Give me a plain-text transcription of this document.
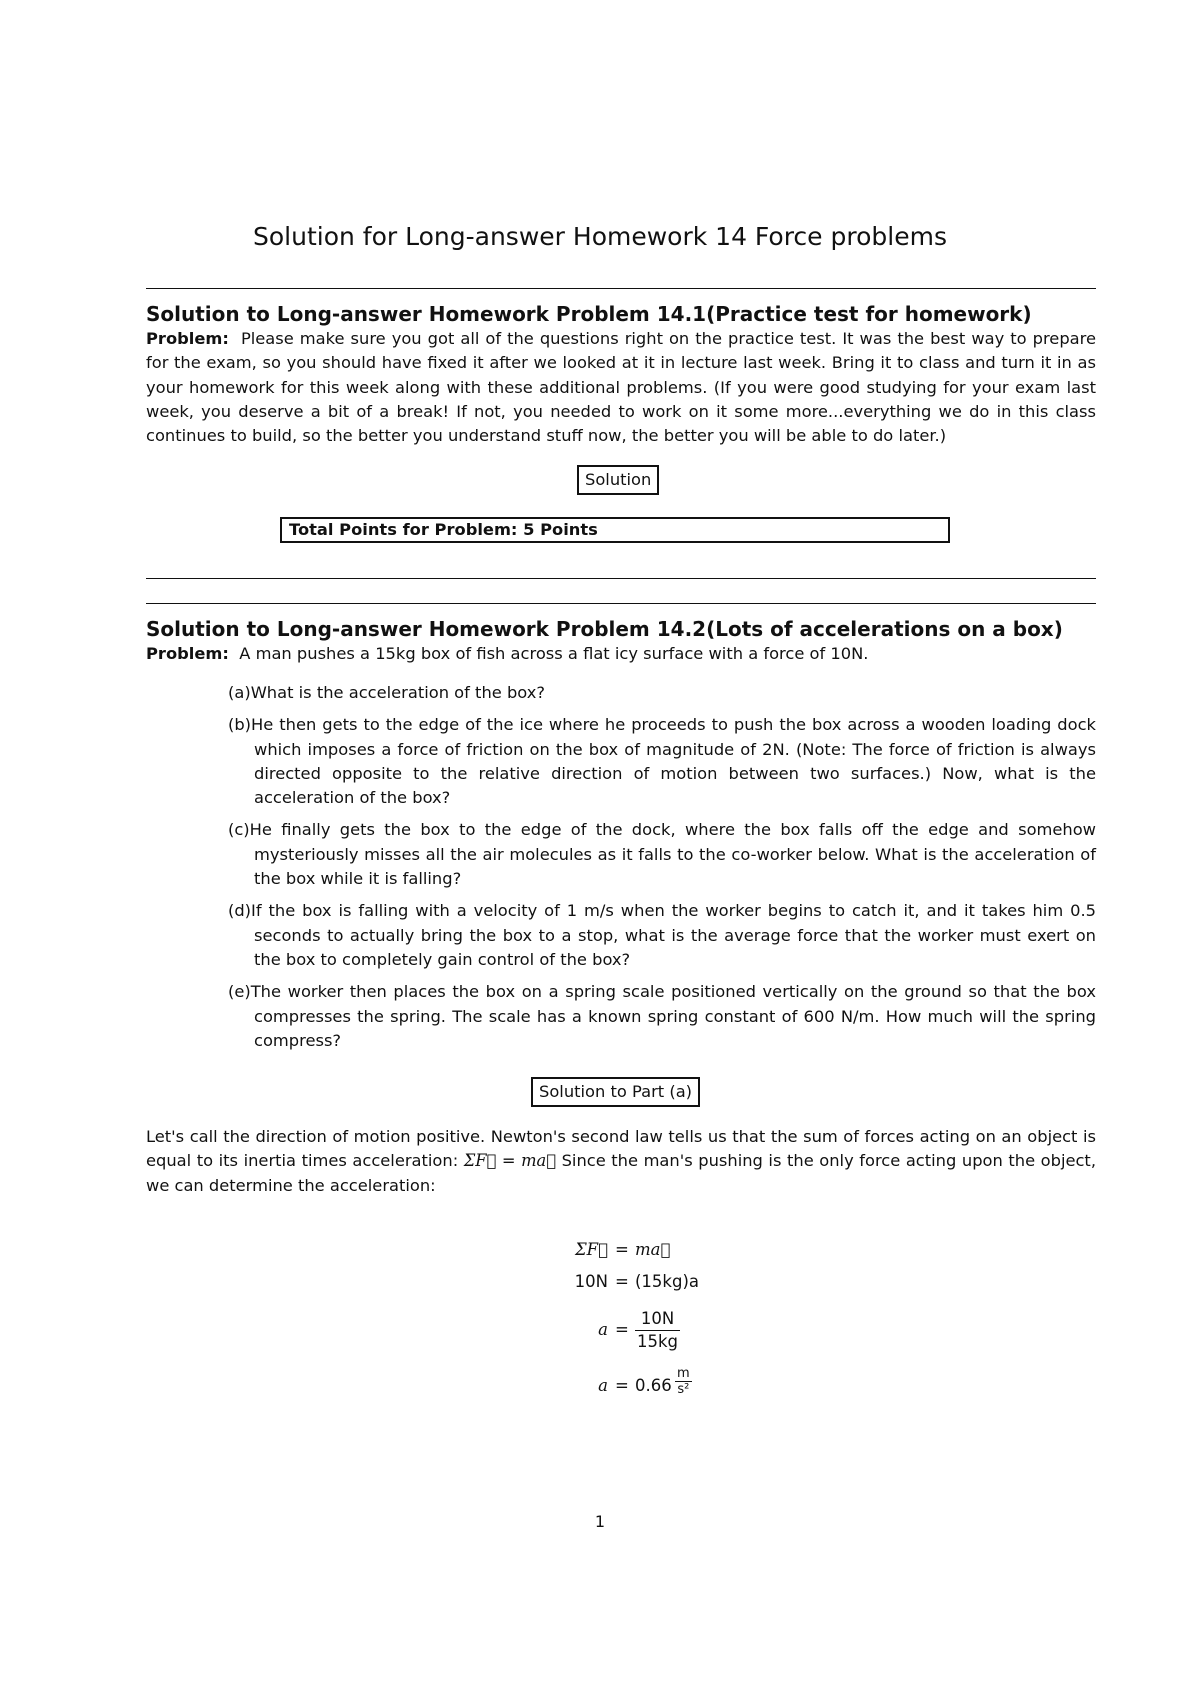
Solution for Long-answer Homework 14 Force problems
Solution to Long-answer Homework Problem 14.1(Practice test for homework)

Problem: Please make sure you got all of the questions right on the practice test. It was the best way to prepare for the exam, so you should have fixed it after we looked at it in lecture last week. Bring it to class and turn it in as your homework for this week along with these additional problems. (If you were good studying for your exam last week, you deserve a bit of a break! If not, you needed to work on it some more...everything we do in this class continues to build, so the better you understand stuff now, the better you will be able to do later.)

Solution
Total Points for Problem: 5 Points
Solution to Long-answer Homework Problem 14.2(Lots of accelerations on a box)

Problem: A man pushes a 15kg box of fish across a flat icy surface with a force of 10N.

(a)What is the acceleration of the box?
(b)He then gets to the edge of the ice where he proceeds to push the box across a wooden loading dock which imposes a force of friction on the box of magnitude of 2N. (Note: The force of friction is always directed opposite to the relative direction of motion between two surfaces.) Now, what is the acceleration of the box?
(c)He finally gets the box to the edge of the dock, where the box falls off the edge and somehow mysteriously misses all the air molecules as it falls to the co-worker below. What is the acceleration of the box while it is falling?
(d)If the box is falling with a velocity of 1 m/s when the worker begins to catch it, and it takes him 0.5 seconds to actually bring the box to a stop, what is the average force that the worker must exert on the box to completely gain control of the box?
(e)The worker then places the box on a spring scale positioned vertically on the ground so that the box compresses the spring. The scale has a known spring constant of 600 N/m. How much will the spring compress?
Solution to Part (a)

Let's call the direction of motion positive. Newton's second law tells us that the sum of forces acting on an object is equal to its inertia times acceleration: ΣF⃗ = ma⃗ Since the man's pushing is the only force acting upon the object, we can determine the acceleration:

ΣF⃗ = ma⃗
10N = (15kg)a
$a = \frac{10N}{15kg}$
$a = 0.66 \frac{m}{\text{s²}}$
1
